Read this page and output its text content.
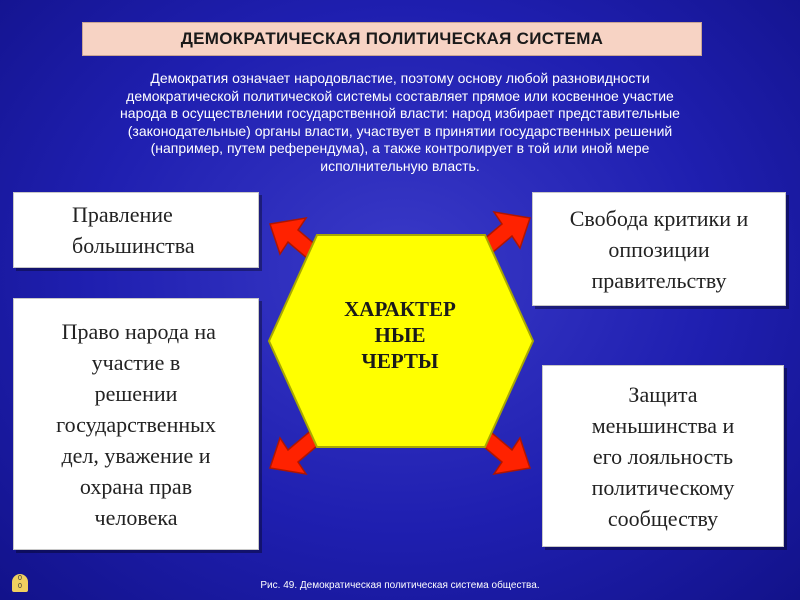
ДЕМОКРАТИЧЕСКАЯ ПОЛИТИЧЕСКАЯ СИСТЕМА
Демократия означает народовластие, поэтому основу любой разновидности
демократической политической системы составляет прямое или косвенное участие
народа в осуществлении государственной власти: народ избирает представительные
(законодательные) органы власти, участвует в принятии государственных решений
(например, путем референдума), а также контролирует в той или иной мере
исполнительную власть.
ХАРАКТЕР
НЫЕ
ЧЕРТЫ
Правление
большинства
Право народа на
участие в
решении
государственных
дел, уважение и
охрана прав
человека
Свобода критики и
оппозиции
правительству
Защита
меньшинства и
его лояльность
политическому
сообществу
0
0	Рис. 49. Демократическая политическая система общества.
